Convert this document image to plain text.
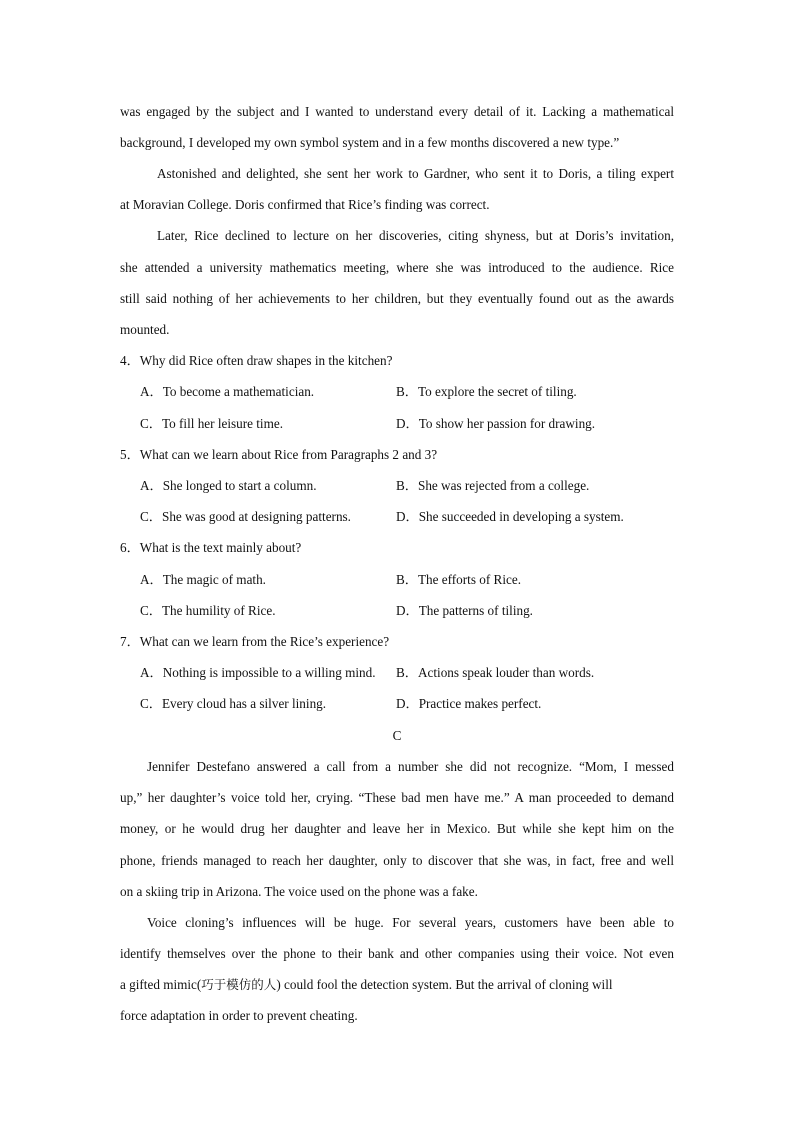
was engaged by the subject and I wanted to understand every detail of it. Lacking a mathematical
background, I developed my own symbol system and in a few months discovered a new type.”
Astonished and delighted, she sent her work to Gardner, who sent it to Doris, a tiling expert
at Moravian College. Doris confirmed that Rice’s finding was correct.
Later, Rice declined to lecture on her discoveries, citing shyness, but at Doris’s invitation,
she attended a university mathematics meeting, where she was introduced to the audience. Rice
still said nothing of her achievements to her children, but they eventually found out as the awards
mounted.
4．Why did Rice often draw shapes in the kitchen?
A．To become a mathematician.	B．To explore the secret of tiling.
C．To fill her leisure time.	D．To show her passion for drawing.
5．What can we learn about Rice from Paragraphs 2 and 3?
A．She longed to start a column.	B．She was rejected from a college.
C．She was good at designing patterns.	D．She succeeded in developing a system.
6．What is the text mainly about?
A．The magic of math.	B．The efforts of Rice.
C．The humility of Rice.	D．The patterns of tiling.
7．What can we learn from the Rice’s experience?
A．Nothing is impossible to a willing mind. B．Actions speak louder than words.
C．Every cloud has a silver lining.	D．Practice makes perfect.
C
Jennifer Destefano answered a call from a number she did not recognize. “Mom, I messed
up,” her daughter’s voice told her, crying. “These bad men have me.” A man proceeded to demand
money, or he would drug her daughter and leave her in Mexico. But while she kept him on the
phone, friends managed to reach her daughter, only to discover that she was, in fact, free and well
on a skiing trip in Arizona. The voice used on the phone was a fake.
Voice cloning’s influences will be huge. For several years, customers have been able to
identify themselves over the phone to their bank and other companies using their voice. Not even
a gifted mimic(巧于模仿的人) could fool the detection system. But the arrival of cloning will
force adaptation in order to prevent cheating.
